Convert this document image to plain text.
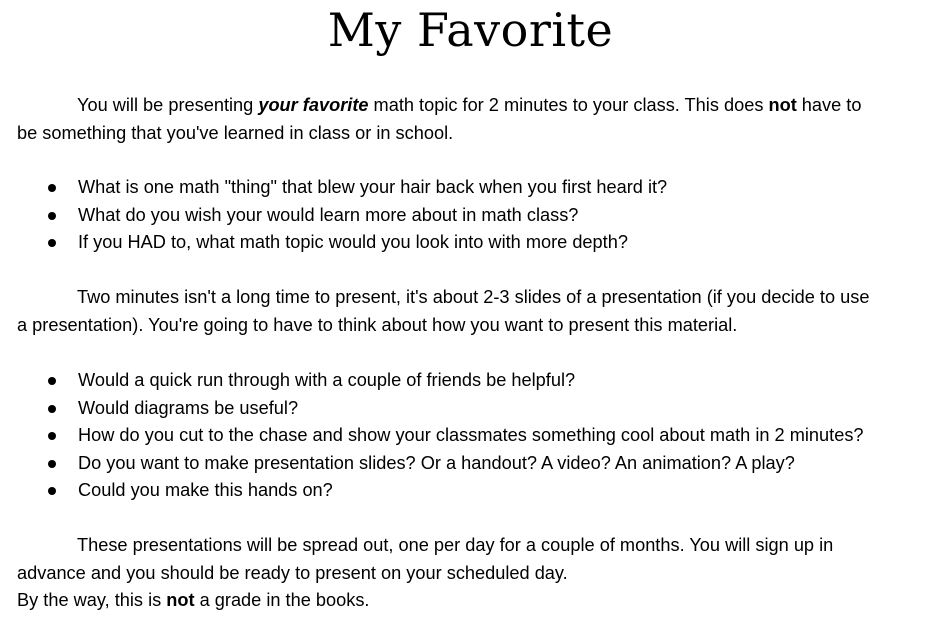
My Favorite
You will be presenting your favorite math topic for 2 minutes to your class. This does not have to
be something that you've learned in class or in school.
What is one math "thing" that blew your hair back when you first heard it?
What do you wish your would learn more about in math class?
If you HAD to, what math topic would you look into with more depth?
Two minutes isn't a long time to present, it's about 2-3 slides of a presentation (if you decide to use
a presentation). You're going to have to think about how you want to present this material.
Would a quick run through with a couple of friends be helpful?
Would diagrams be useful?
How do you cut to the chase and show your classmates something cool about math in 2 minutes?
Do you want to make presentation slides? Or a handout? A video? An animation? A play?
Could you make this hands on?
These presentations will be spread out, one per day for a couple of months. You will sign up in
advance and you should be ready to present on your scheduled day.
By the way, this is not a grade in the books.
